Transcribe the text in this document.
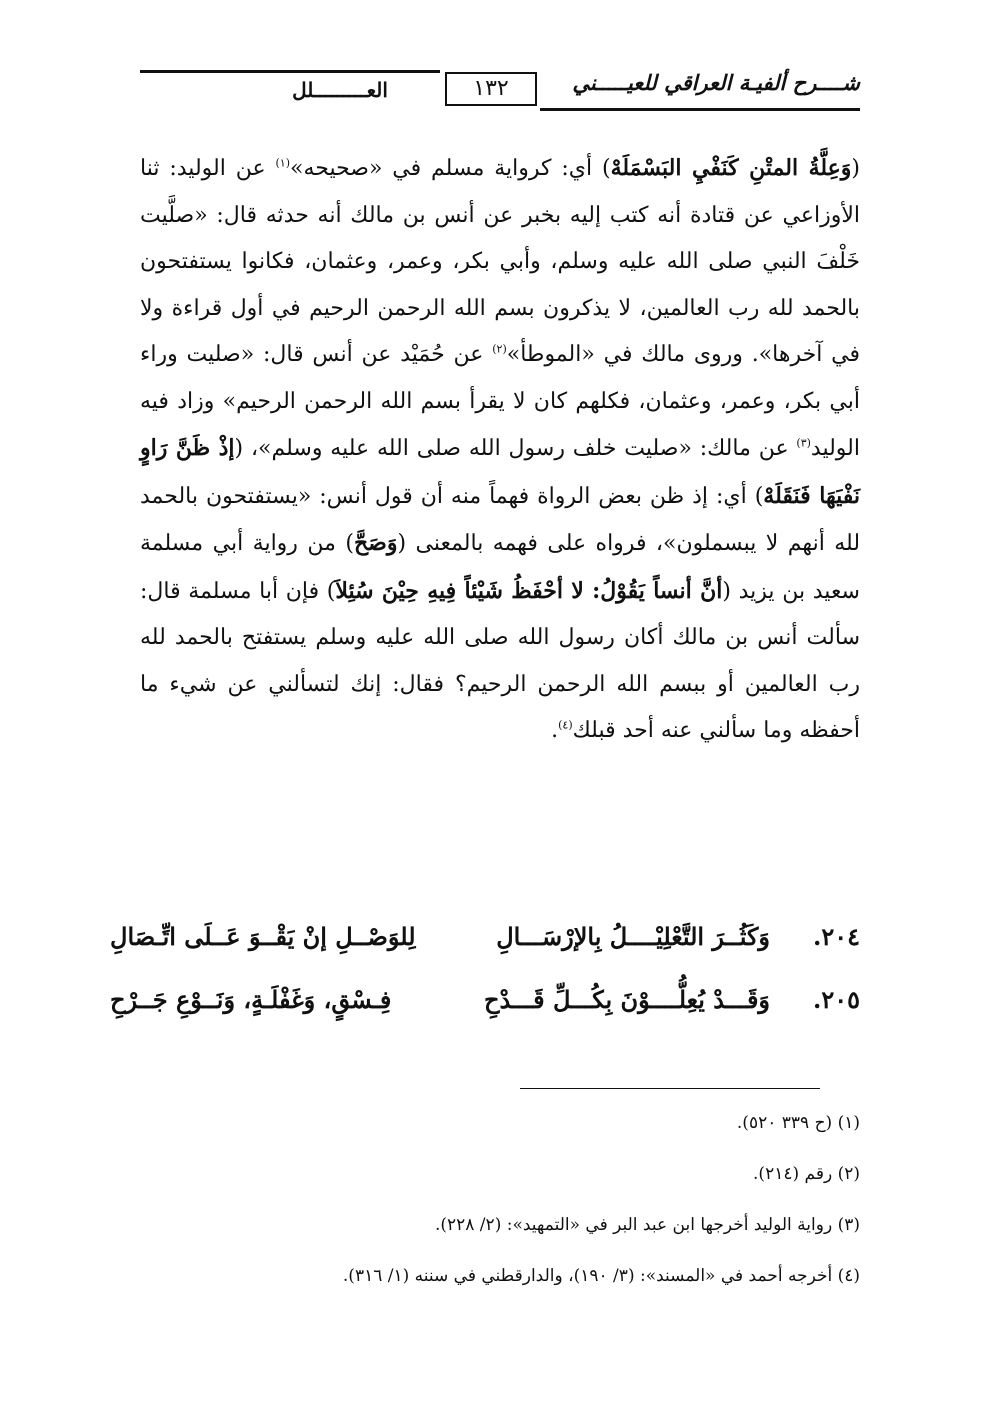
شــــرح ألفيـة العراقي للعيـــــني
١٣٢
العـــــــــلل

(وَعِلَّةُ المتْنِ كَنَفْيِ البَسْمَلَهْ) أي: كرواية مسلم في «صحيحه»$^{(١)}$ عن الوليد: ثنا الأوزاعي عن قتادة أنه كتب إليه بخبر عن أنس بن مالك أنه حدثه قال: «صلَّيت خَلْفَ النبي صلى الله عليه وسلم، وأبي بكر، وعمر، وعثمان، فكانوا يستفتحون بالحمد لله رب العالمين، لا يذكرون بسم الله الرحمن الرحيم في أول قراءة ولا في آخرها». وروى مالك في «الموطأ»$^{(٢)}$ عن حُمَيْد عن أنس قال: «صليت وراء أبي بكر، وعمر، وعثمان، فكلهم كان لا يقرأ بسم الله الرحمن الرحيم» وزاد فيه الوليد$^{(٣)}$ عن مالك: «صليت خلف رسول الله صلى الله عليه وسلم»، (إذْ ظَنَّ رَاوٍ نَفْيَهَا فَنَقَلَهْ) أي: إذ ظن بعض الرواة فهماً منه أن قول أنس: «يستفتحون بالحمد لله أنهم لا يبسملون»، فرواه على فهمه بالمعنى (وَصَحَّ) من رواية أبي مسلمة سعيد بن يزيد (أنَّ أنساً يَقُوْلُ: لا أحْفَظُ شَيْئاً فِيهِ حِيْنَ سُئِلاَ) فإن أبا مسلمة قال: سألت أنس بن مالك أكان رسول الله صلى الله عليه وسلم يستفتح بالحمد لله رب العالمين أو ببسم الله الرحمن الرحيم؟ فقال: إنك لتسألني عن شيء ما أحفظه وما سألني عنه أحد قبلك$^{(٤)}$.

٢٠٤.
وَكَثُــرَ التَّعْلِيْــــلُ بِالإرْسَـــالِ
لِلوَصْــلِ إنْ يَقْــوَ عَــلَى اتِّـصَالِ
٢٠٥.
وَقَـــدْ يُعِلُّــــوْنَ بِكُـــلِّ قَـــدْحِ
فِـسْقٍ، وَغَفْلَـةٍ، وَنَــوْعِ جَــرْحِ

(١) (ح ٣٣٩ ٥٢٠).

(٢) رقم (٢١٤).

(٣) رواية الوليد أخرجها ابن عبد البر في «التمهيد»: (٢/ ٢٢٨).

(٤) أخرجه أحمد في «المسند»: (٣/ ١٩٠)، والدارقطني في سننه (١/ ٣١٦).
